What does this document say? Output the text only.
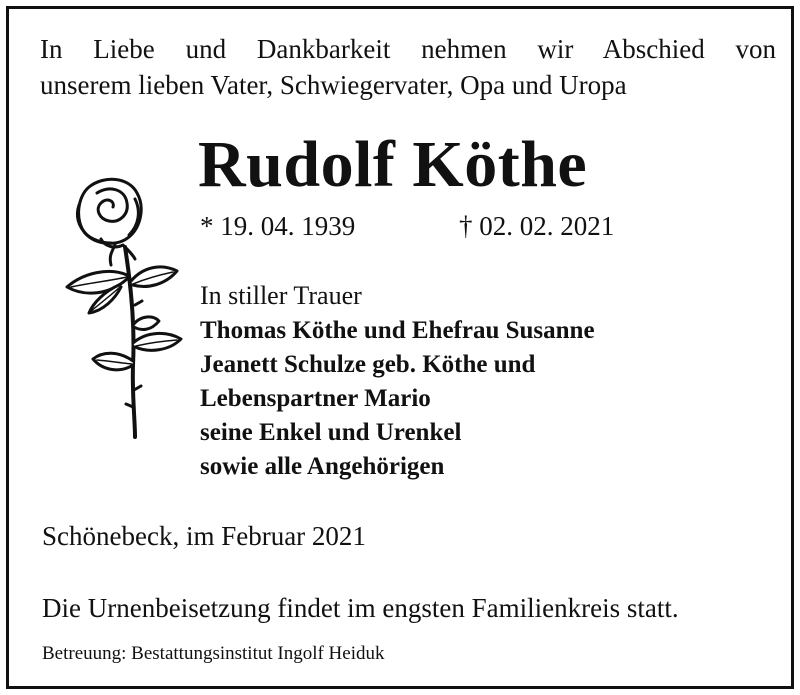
In Liebe und Dankbarkeit nehmen wir Abschied von
unserem lieben Vater, Schwiegervater, Opa und Uropa
Rudolf Köthe
* 19. 04. 1939	† 02. 02. 2021
In stiller Trauer
Thomas Köthe und Ehefrau Susanne
Jeanett Schulze geb. Köthe und
Lebenspartner Mario
seine Enkel und Urenkel
sowie alle Angehörigen
Schönebeck, im Februar 2021
Die Urnenbeisetzung findet im engsten Familienkreis statt.
Betreuung: Bestattungsinstitut Ingolf Heiduk
